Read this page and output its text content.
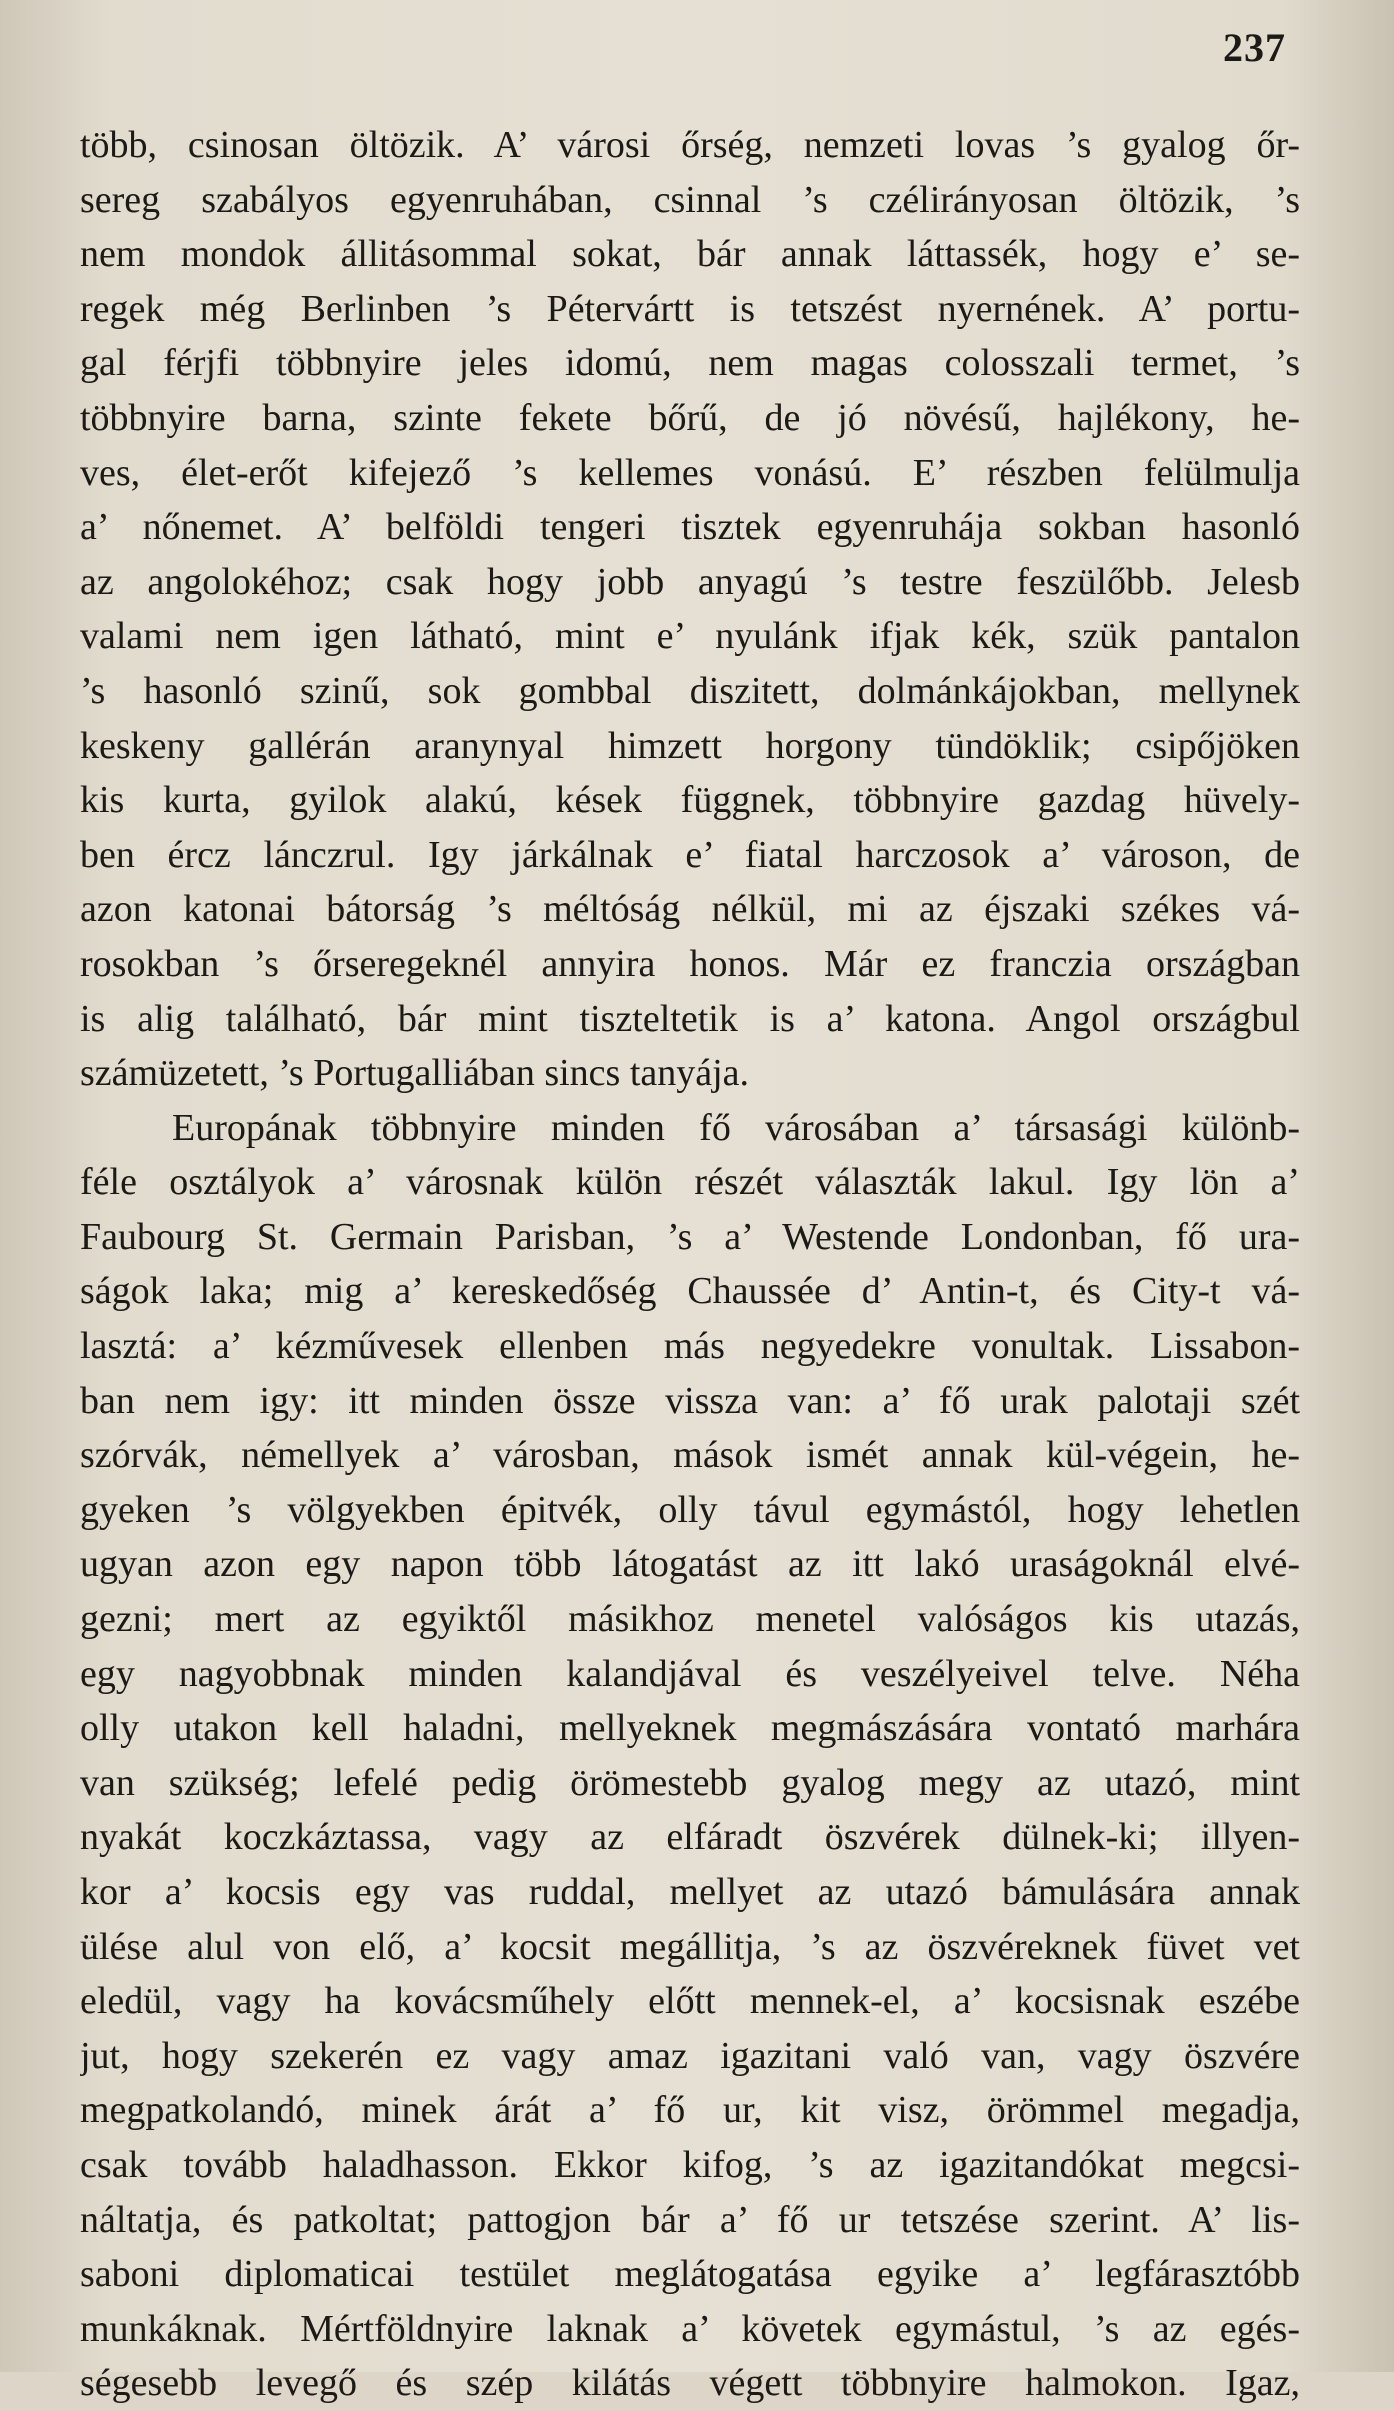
237

több, csinosan öltözik. A’ városi őrség, nemzeti lovas ’s gyalog őr-

sereg szabályos egyenruhában, csinnal ’s czélirányosan öltözik, ’s

nem mondok állitásommal sokat, bár annak láttassék, hogy e’ se-

regek még Berlinben ’s Pétervártt is tetszést nyernének. A’ portu-

gal férjfi többnyire jeles idomú, nem magas colosszali termet, ’s

többnyire barna, szinte fekete bőrű, de jó növésű, hajlékony, he-

ves, élet-erőt kifejező ’s kellemes vonású. E’ részben felülmulja

a’ nőnemet. A’ belföldi tengeri tisztek egyenruhája sokban hasonló

az angolokéhoz; csak hogy jobb anyagú ’s testre feszülőbb. Jelesb

valami nem igen látható, mint e’ nyulánk ifjak kék, szük pantalon

’s hasonló szinű, sok gombbal diszitett, dolmánkájokban, mellynek

keskeny gallérán aranynyal himzett horgony tündöklik; csipőjöken

kis kurta, gyilok alakú, kések függnek, többnyire gazdag hüvely-

ben ércz lánczrul. Igy járkálnak e’ fiatal harczosok a’ városon, de

azon katonai bátorság ’s méltóság nélkül, mi az éjszaki székes vá-

rosokban ’s őrseregeknél annyira honos. Már ez franczia országban

is alig található, bár mint tiszteltetik is a’ katona. Angol országbul

számüzetett, ’s Portugalliában sincs tanyája.

Europának többnyire minden fő városában a’ társasági különb-

féle osztályok a’ városnak külön részét választák lakul. Igy lön a’

Faubourg St. Germain Parisban, ’s a’ Westende Londonban, fő ura-

ságok laka; mig a’ kereskedőség Chaussée d’ Antin-t, és City-t vá-

lasztá: a’ kézművesek ellenben más negyedekre vonultak. Lissabon-

ban nem igy: itt minden össze vissza van: a’ fő urak palotaji szét

szórvák, némellyek a’ városban, mások ismét annak kül-végein, he-

gyeken ’s völgyekben épitvék, olly távul egymástól, hogy lehetlen

ugyan azon egy napon több látogatást az itt lakó uraságoknál elvé-

gezni; mert az egyiktől másikhoz menetel valóságos kis utazás,

egy nagyobbnak minden kalandjával és veszélyeivel telve. Néha

olly utakon kell haladni, mellyeknek megmászására vontató marhára

van szükség; lefelé pedig örömestebb gyalog megy az utazó, mint

nyakát koczkáztassa, vagy az elfáradt öszvérek dülnek-ki; illyen-

kor a’ kocsis egy vas ruddal, mellyet az utazó bámulására annak

ülése alul von elő, a’ kocsit megállitja, ’s az öszvéreknek füvet vet

eledül, vagy ha kovácsműhely előtt mennek-el, a’ kocsisnak eszébe

jut, hogy szekerén ez vagy amaz igazitani való van, vagy öszvére

megpatkolandó, minek árát a’ fő ur, kit visz, örömmel megadja,

csak tovább haladhasson. Ekkor kifog, ’s az igazitandókat megcsi-

náltatja, és patkoltat; pattogjon bár a’ fő ur tetszése szerint. A’ lis-

saboni diplomaticai testület meglátogatása egyike a’ legfárasztóbb

munkáknak. Mértföldnyire laknak a’ követek egymástul, ’s az egés-

ségesebb levegő és szép kilátás végett többnyire halmokon. Igaz,
